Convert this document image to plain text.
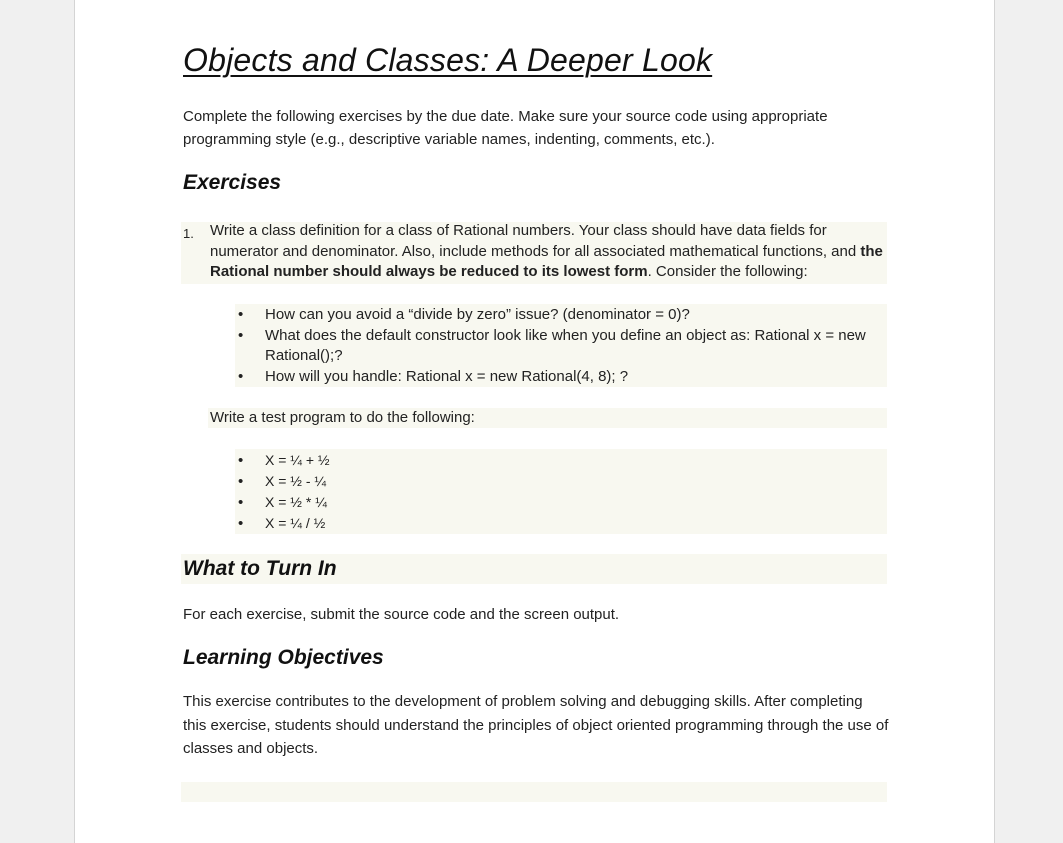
Objects and Classes: A Deeper Look
Complete the following exercises by the due date. Make sure your source code using appropriate programming style (e.g., descriptive variable names, indenting, comments, etc.).
Exercises
1. Write a class definition for a class of Rational numbers. Your class should have data fields for numerator and denominator. Also, include methods for all associated mathematical functions, and the Rational number should always be reduced to its lowest form. Consider the following:
• How can you avoid a “divide by zero” issue? (denominator = 0)?
• What does the default constructor look like when you define an object as: Rational x = new Rational();?
• How will you handle: Rational x = new Rational(4, 8); ?
Write a test program to do the following:
• X = ¼ + ½
• X = ½ - ¼
• X = ½ * ¼
• X = ¼ / ½
What to Turn In
For each exercise, submit the source code and the screen output.
Learning Objectives
This exercise contributes to the development of problem solving and debugging skills. After completing this exercise, students should understand the principles of object oriented programming through the use of classes and objects.
